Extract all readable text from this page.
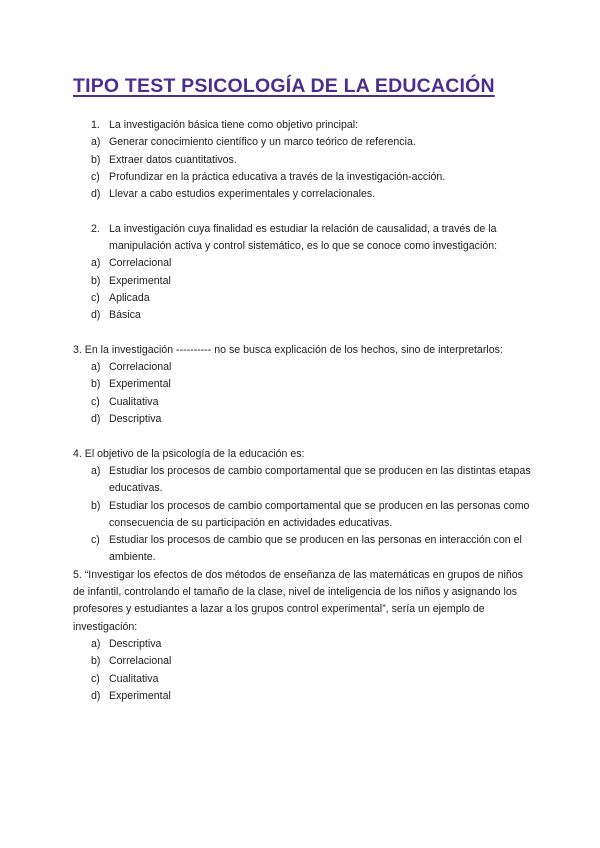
TIPO TEST PSICOLOGÍA DE LA EDUCACIÓN
1. La investigación básica tiene como objetivo principal:
a) Generar conocimiento científico y un marco teórico de referencia.
b) Extraer datos cuantitativos.
c) Profundizar en la práctica educativa a través de la investigación-acción.
d) Llevar a cabo estudios experimentales y correlacionales.
2. La investigación cuya finalidad es estudiar la relación de causalidad, a través de la manipulación activa y control sistemático, es lo que se conoce como investigación:
a) Correlacional
b) Experimental
c) Aplicada
d) Básica
3. En la investigación ---------- no se busca explicación de los hechos, sino de interpretarlos:
a) Correlacional
b) Experimental
c) Cualitativa
d) Descriptiva
4. El objetivo de la psicología de la educación es:
a) Estudiar los procesos de cambio comportamental que se producen en las distintas etapas educativas.
b) Estudiar los procesos de cambio comportamental que se producen en las personas como consecuencia de su participación en actividades educativas.
c) Estudiar los procesos de cambio que se producen en las personas en interacción con el ambiente.
5. “Investigar los efectos de dos métodos de enseñanza de las matemáticas en grupos de niños de infantil, controlando el tamaño de la clase, nivel de inteligencia de los niños y asignando los profesores y estudiantes a lazar a los grupos control experimental”, sería un ejemplo de investigación:
a) Descriptiva
b) Correlacional
c) Cualitativa
d) Experimental
